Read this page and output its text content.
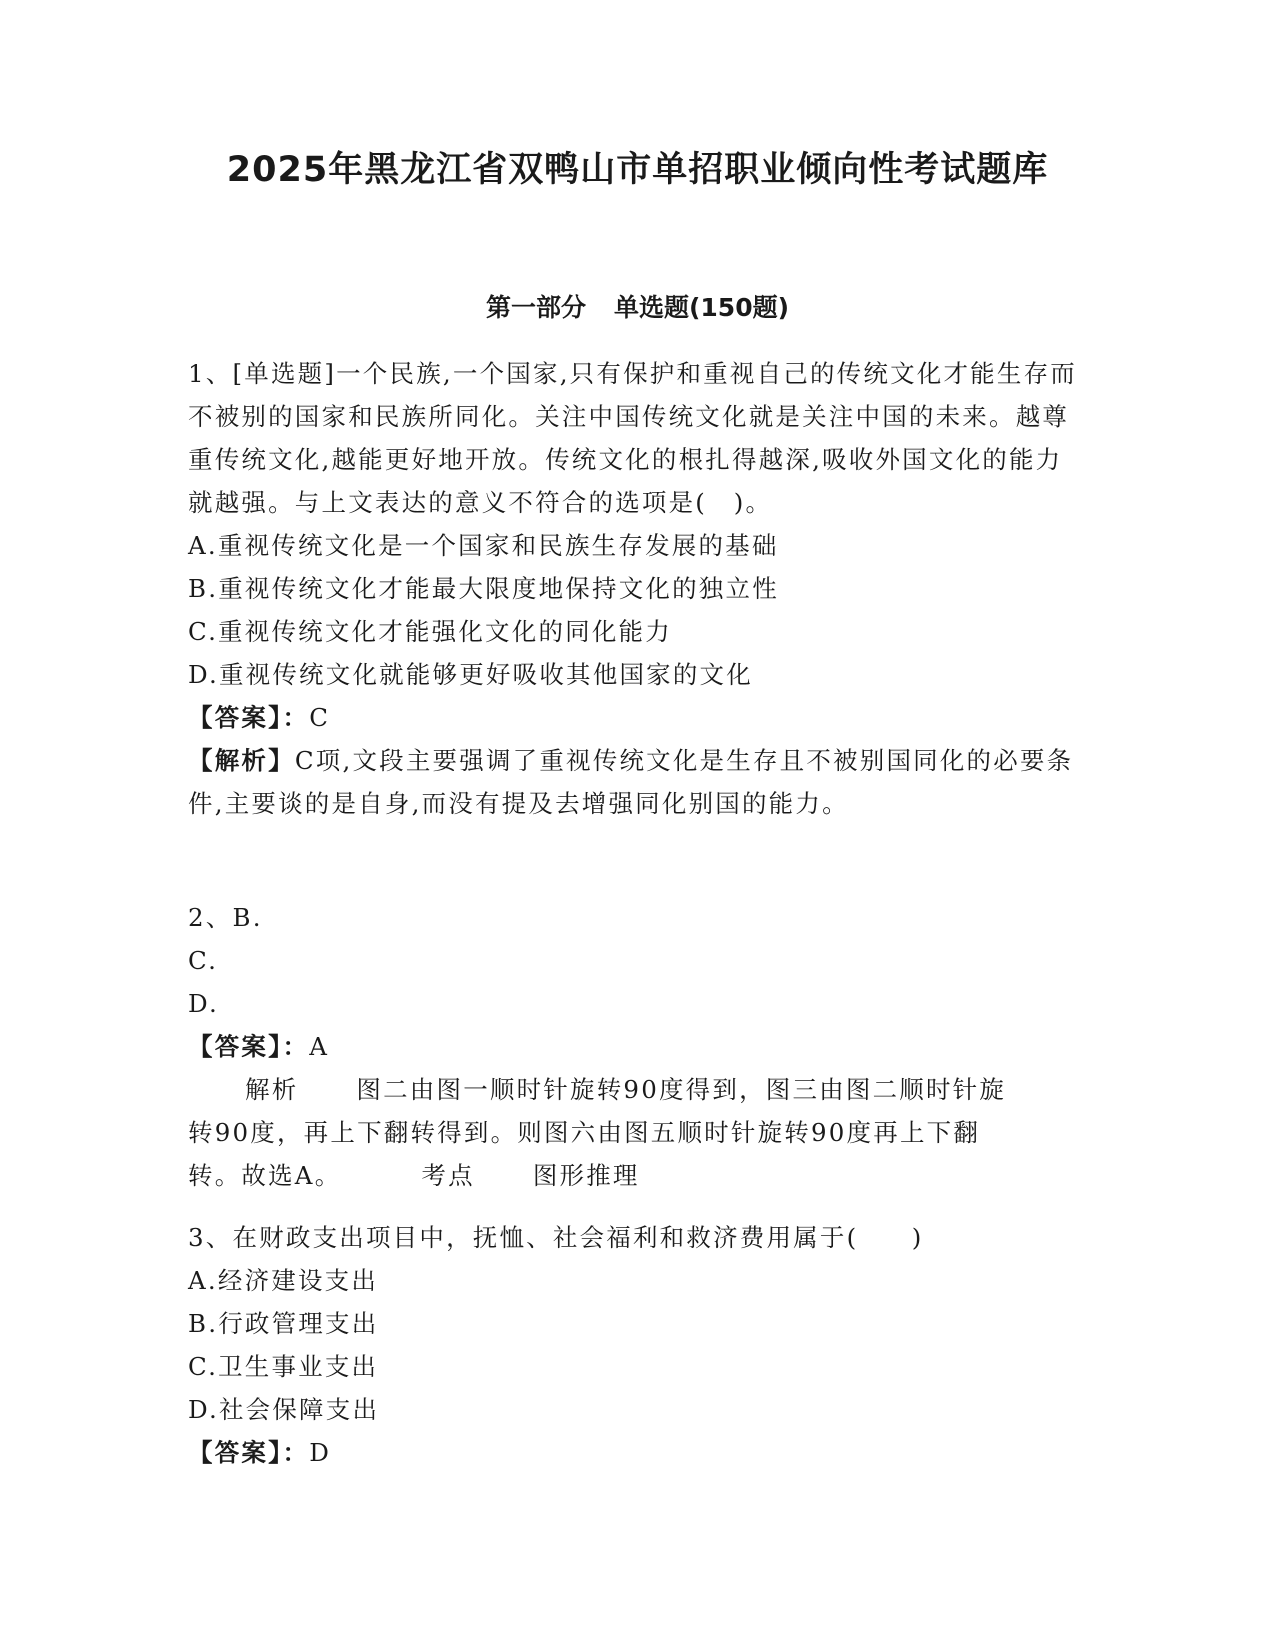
2025年黑龙江省双鸭山市单招职业倾向性考试题库
第一部分 单选题(150题)
1、[单选题]一个民族,一个国家,只有保护和重视自己的传统文化才能生存而不被别的国家和民族所同化。关注中国传统文化就是关注中国的未来。越尊重传统文化,越能更好地开放。传统文化的根扎得越深,吸收外国文化的能力就越强。与上文表达的意义不符合的选项是(　)。
A.重视传统文化是一个国家和民族生存发展的基础
B.重视传统文化才能最大限度地保持文化的独立性
C.重视传统文化才能强化文化的同化能力
D.重视传统文化就能够更好吸收其他国家的文化
【答案】：C
【解析】C项,文段主要强调了重视传统文化是生存且不被别国同化的必要条件,主要谈的是自身,而没有提及去增强同化别国的能力。
2、B.
C.
D.
【答案】：A
解析 图二由图一顺时针旋转90度得到，图三由图二顺时针旋
转90度，再上下翻转得到。则图六由图五顺时针旋转90度再上下翻
转。故选A。	考点 图形推理
3、在财政支出项目中，抚恤、社会福利和救济费用属于(　　)
A.经济建设支出
B.行政管理支出
C.卫生事业支出
D.社会保障支出
【答案】：D
